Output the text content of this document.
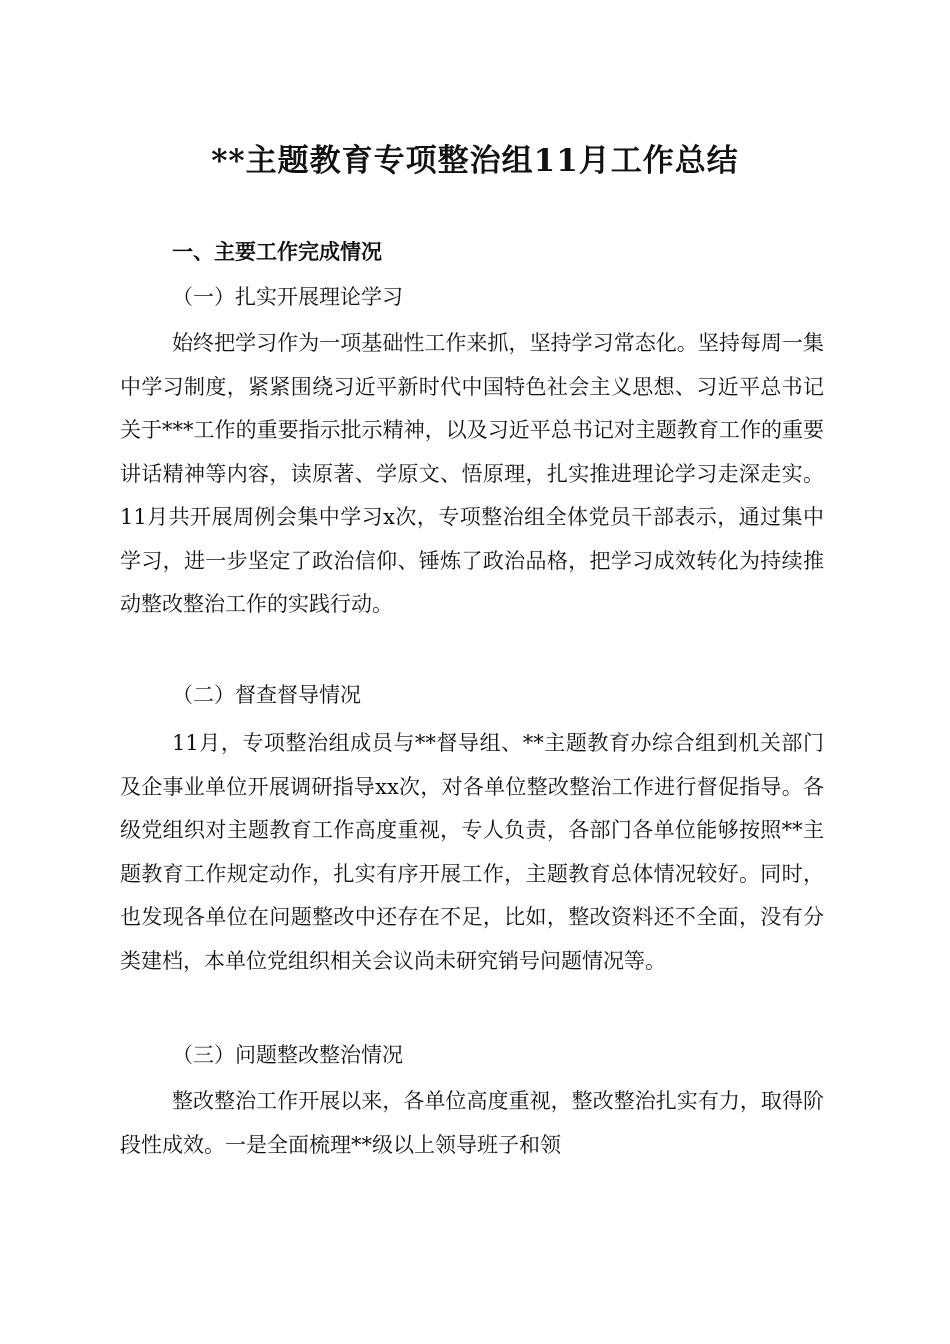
**主题教育专项整治组11月工作总结
一、主要工作完成情况
（一）扎实开展理论学习
始终把学习作为一项基础性工作来抓，坚持学习常态化。坚持每周一集中学习制度，紧紧围绕习近平新时代中国特色社会主义思想、习近平总书记关于***工作的重要指示批示精神，以及习近平总书记对主题教育工作的重要讲话精神等内容，读原著、学原文、悟原理，扎实推进理论学习走深走实。11月共开展周例会集中学习x次，专项整治组全体党员干部表示，通过集中学习，进一步坚定了政治信仰、锤炼了政治品格，把学习成效转化为持续推动整改整治工作的实践行动。
（二）督查督导情况
11月，专项整治组成员与**督导组、**主题教育办综合组到机关部门及企事业单位开展调研指导xx次，对各单位整改整治工作进行督促指导。各级党组织对主题教育工作高度重视，专人负责，各部门各单位能够按照**主题教育工作规定动作，扎实有序开展工作，主题教育总体情况较好。同时，也发现各单位在问题整改中还存在不足，比如，整改资料还不全面，没有分类建档，本单位党组织相关会议尚未研究销号问题情况等。
（三）问题整改整治情况
整改整治工作开展以来，各单位高度重视，整改整治扎实有力，取得阶段性成效。一是全面梳理**级以上领导班子和领
